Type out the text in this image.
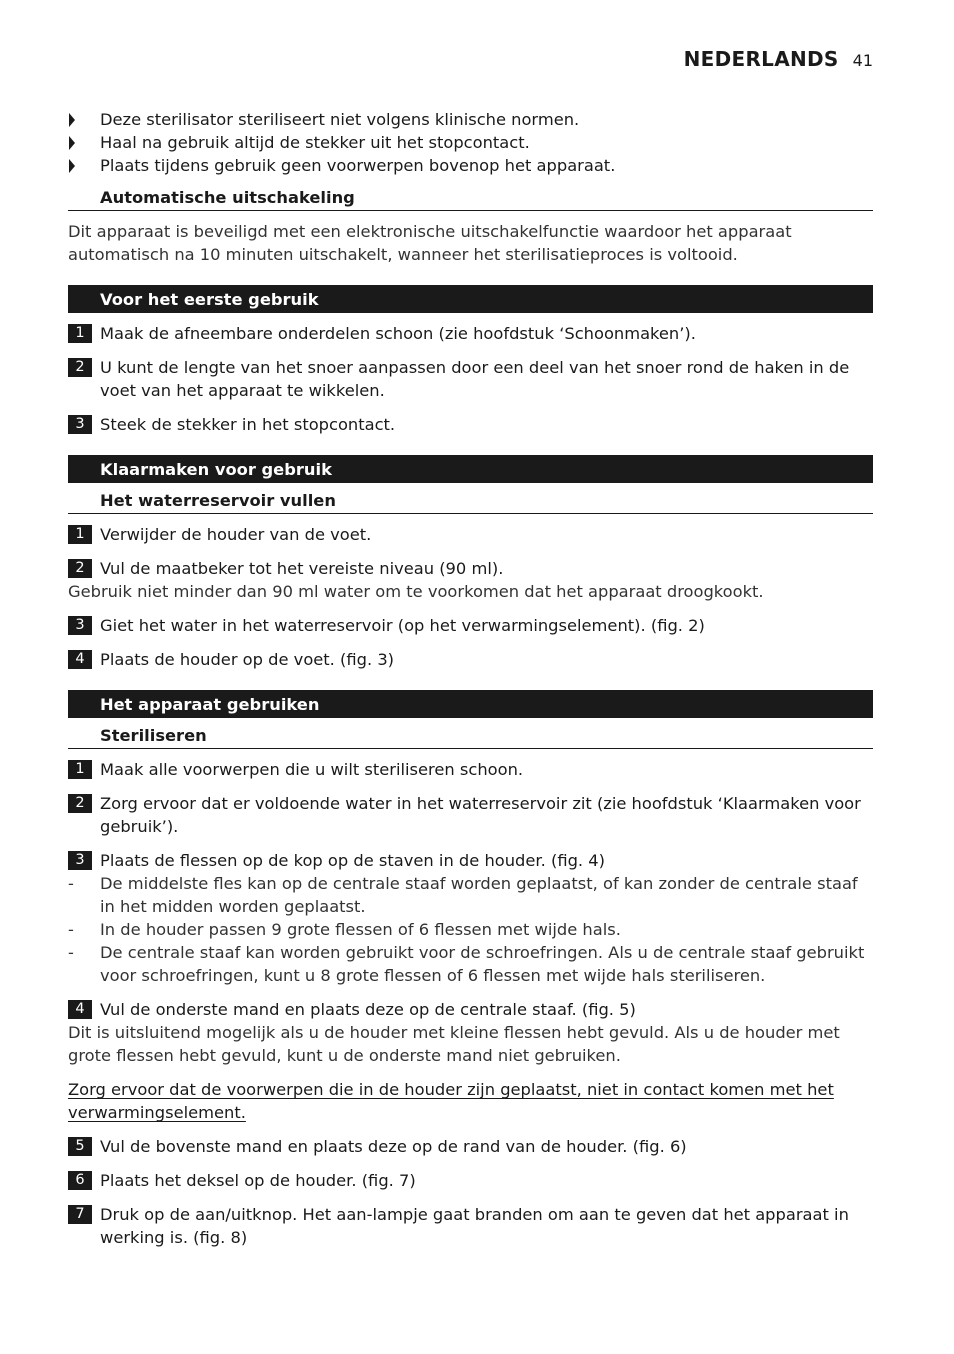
NEDERLANDS 41
Deze sterilisator steriliseert niet volgens klinische normen.
Haal na gebruik altijd de stekker uit het stopcontact.
Plaats tijdens gebruik geen voorwerpen bovenop het apparaat.
Automatische uitschakeling
Dit apparaat is beveiligd met een elektronische uitschakelfunctie waardoor het apparaat automatisch na 10 minuten uitschakelt, wanneer het sterilisatieproces is voltooid.
Voor het eerste gebruik
1 Maak de afneembare onderdelen schoon (zie hoofdstuk ‘Schoonmaken’).
2 U kunt de lengte van het snoer aanpassen door een deel van het snoer rond de haken in de voet van het apparaat te wikkelen.
3 Steek de stekker in het stopcontact.
Klaarmaken voor gebruik
Het waterreservoir vullen
1 Verwijder de houder van de voet.
2 Vul de maatbeker tot het vereiste niveau (90 ml).
Gebruik niet minder dan 90 ml water om te voorkomen dat het apparaat droogkookt.
3 Giet het water in het waterreservoir (op het verwarmingselement). (fig. 2)
4 Plaats de houder op de voet. (fig. 3)
Het apparaat gebruiken
Steriliseren
1 Maak alle voorwerpen die u wilt steriliseren schoon.
2 Zorg ervoor dat er voldoende water in het waterreservoir zit (zie hoofdstuk ‘Klaarmaken voor gebruik’).
3 Plaats de flessen op de kop op de staven in de houder. (fig. 4)
- De middelste fles kan op de centrale staaf worden geplaatst, of kan zonder de centrale staaf in het midden worden geplaatst.
- In de houder passen 9 grote flessen of 6 flessen met wijde hals.
- De centrale staaf kan worden gebruikt voor de schroefringen. Als u de centrale staaf gebruikt voor schroefringen, kunt u 8 grote flessen of 6 flessen met wijde hals steriliseren.
4 Vul de onderste mand en plaats deze op de centrale staaf. (fig. 5)
Dit is uitsluitend mogelijk als u de houder met kleine flessen hebt gevuld. Als u de houder met grote flessen hebt gevuld, kunt u de onderste mand niet gebruiken.
Zorg ervoor dat de voorwerpen die in de houder zijn geplaatst, niet in contact komen met het verwarmingselement.
5 Vul de bovenste mand en plaats deze op de rand van de houder. (fig. 6)
6 Plaats het deksel op de houder. (fig. 7)
7 Druk op de aan/uitknop. Het aan-lampje gaat branden om aan te geven dat het apparaat in werking is. (fig. 8)
